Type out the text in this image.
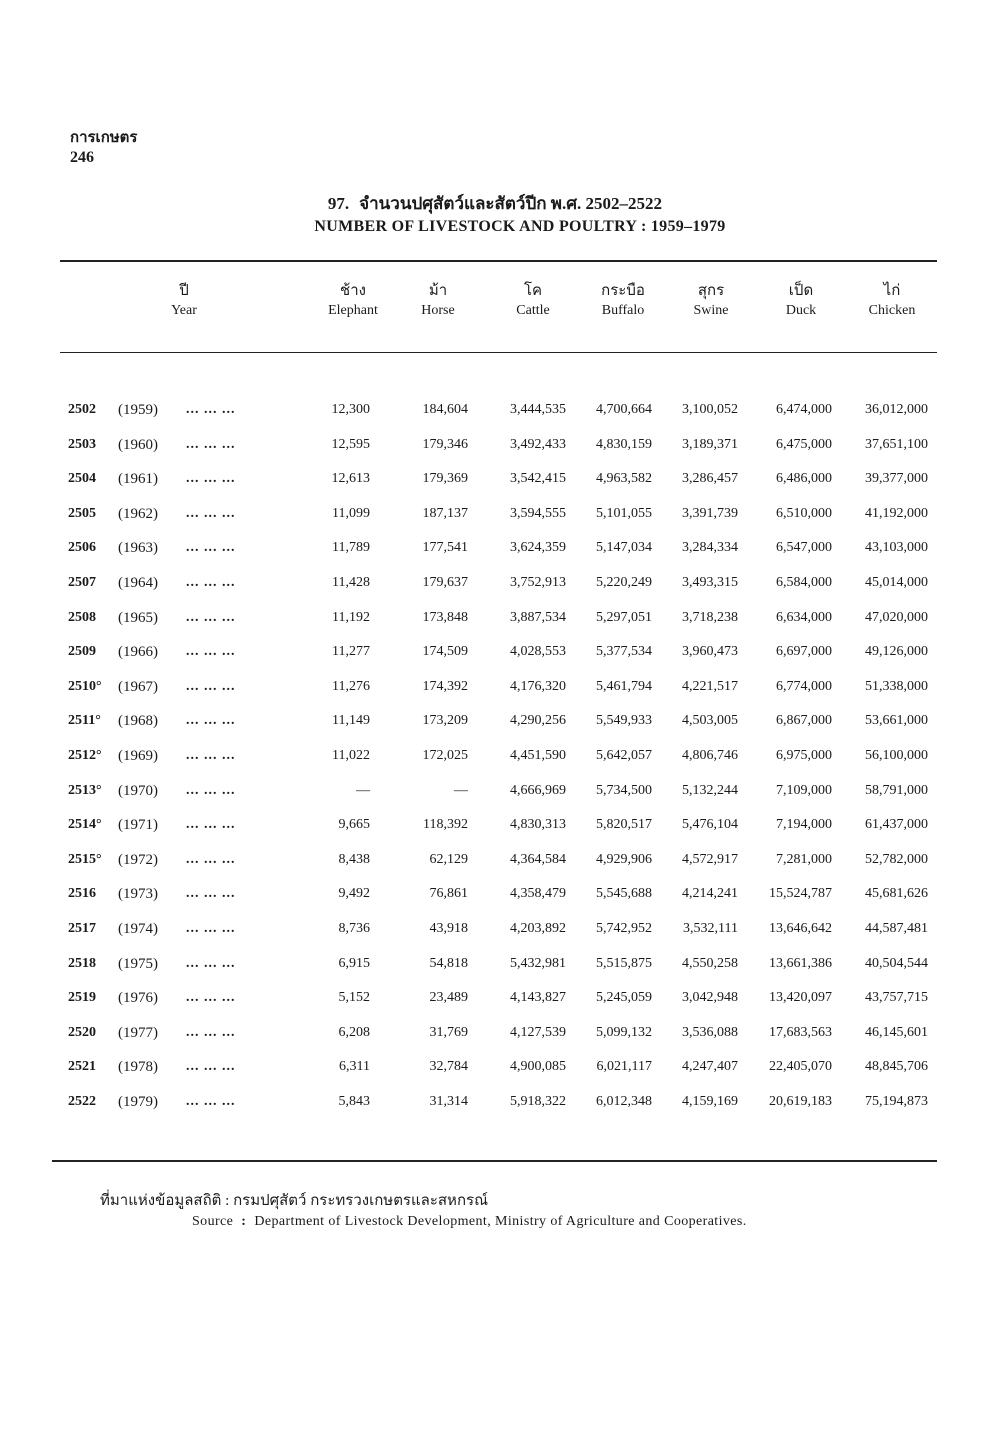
การเกษตร
246
97. จำนวนปศุสัตว์และสัตว์ปีก พ.ศ. 2502–2522
NUMBER OF LIVESTOCK AND POULTRY : 1959–1979
ปี
Year
ช้าง
Elephant
ม้า
Horse
โค
Cattle
กระบือ
Buffalo
สุกร
Swine
เป็ด
Duck
ไก่
Chicken
2502	(1959) ... ... ...	12,300	184,604	3,444,535	4,700,664	3,100,052	6,474,000	36,012,000
2503	(1960) ... ... ...	12,595	179,346	3,492,433	4,830,159	3,189,371	6,475,000	37,651,100
2504	(1961) ... ... ...	12,613	179,369	3,542,415	4,963,582	3,286,457	6,486,000	39,377,000
2505	(1962) ... ... ...	11,099	187,137	3,594,555	5,101,055	3,391,739	6,510,000	41,192,000
2506	(1963) ... ... ...	11,789	177,541	3,624,359	5,147,034	3,284,334	6,547,000	43,103,000
2507	(1964) ... ... ...	11,428	179,637	3,752,913	5,220,249	3,493,315	6,584,000	45,014,000
2508	(1965) ... ... ...	11,192	173,848	3,887,534	5,297,051	3,718,238	6,634,000	47,020,000
2509	(1966) ... ... ...	11,277	174,509	4,028,553	5,377,534	3,960,473	6,697,000	49,126,000
2510°	(1967) ... ... ...	11,276	174,392	4,176,320	5,461,794	4,221,517	6,774,000	51,338,000
2511°	(1968) ... ... ...	11,149	173,209	4,290,256	5,549,933	4,503,005	6,867,000	53,661,000
2512°	(1969) ... ... ...	11,022	172,025	4,451,590	5,642,057	4,806,746	6,975,000	56,100,000
2513°	(1970) ... ... ...	—	—	4,666,969	5,734,500	5,132,244	7,109,000	58,791,000
2514°	(1971) ... ... ...	9,665	118,392	4,830,313	5,820,517	5,476,104	7,194,000	61,437,000
2515°	(1972) ... ... ...	8,438	62,129	4,364,584	4,929,906	4,572,917	7,281,000	52,782,000
2516	(1973) ... ... ...	9,492	76,861	4,358,479	5,545,688	4,214,241	15,524,787	45,681,626
2517	(1974) ... ... ...	8,736	43,918	4,203,892	5,742,952	3,532,111	13,646,642	44,587,481
2518	(1975) ... ... ...	6,915	54,818	5,432,981	5,515,875	4,550,258	13,661,386	40,504,544
2519	(1976) ... ... ...	5,152	23,489	4,143,827	5,245,059	3,042,948	13,420,097	43,757,715
2520	(1977) ... ... ...	6,208	31,769	4,127,539	5,099,132	3,536,088	17,683,563	46,145,601
2521	(1978) ... ... ...	6,311	32,784	4,900,085	6,021,117	4,247,407	22,405,070	48,845,706
2522	(1979) ... ... ...	5,843	31,314	5,918,322	6,012,348	4,159,169	20,619,183	75,194,873
ที่มาแห่งข้อมูลสถิติ : กรมปศุสัตว์ กระทรวงเกษตรและสหกรณ์
Source : Department of Livestock Development, Ministry of Agriculture and Cooperatives.
